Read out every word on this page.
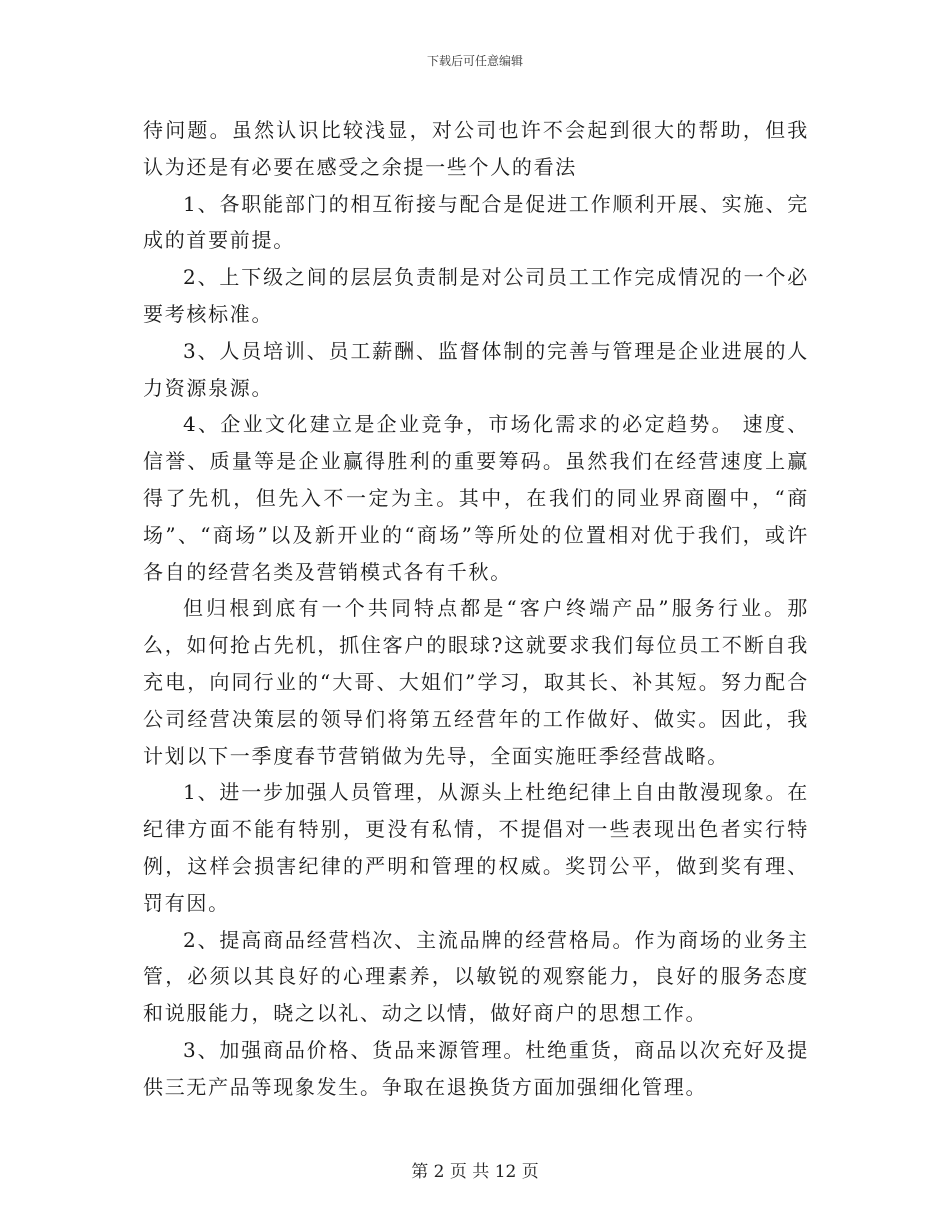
下载后可任意编辑

待问题。虽然认识比较浅显，对公司也许不会起到很大的帮助，但我认为还是有必要在感受之余提一些个人的看法

1、各职能部门的相互衔接与配合是促进工作顺利开展、实施、完成的首要前提。

2、上下级之间的层层负责制是对公司员工工作完成情况的一个必要考核标准。

3、人员培训、员工薪酬、监督体制的完善与管理是企业进展的人力资源泉源。

4、企业文化建立是企业竞争，市场化需求的必定趋势。 速度、信誉、质量等是企业赢得胜利的重要筹码。虽然我们在经营速度上赢得了先机，但先入不一定为主。其中，在我们的同业界商圈中，“商场”、“商场”以及新开业的“商场”等所处的位置相对优于我们，或许各自的经营名类及营销模式各有千秋。

但归根到底有一个共同特点都是“客户终端产品”服务行业。那么，如何抢占先机，抓住客户的眼球?这就要求我们每位员工不断自我充电，向同行业的“大哥、大姐们”学习，取其长、补其短。努力配合公司经营决策层的领导们将第五经营年的工作做好、做实。因此，我计划以下一季度春节营销做为先导，全面实施旺季经营战略。

1、进一步加强人员管理，从源头上杜绝纪律上自由散漫现象。在纪律方面不能有特别，更没有私情，不提倡对一些表现出色者实行特例，这样会损害纪律的严明和管理的权威。奖罚公平，做到奖有理、罚有因。

2、提高商品经营档次、主流品牌的经营格局。作为商场的业务主管，必须以其良好的心理素养，以敏锐的观察能力，良好的服务态度和说服能力，晓之以礼、动之以情，做好商户的思想工作。

3、加强商品价格、货品来源管理。杜绝重货，商品以次充好及提供三无产品等现象发生。争取在退换货方面加强细化管理。

第 2 页 共 12 页
